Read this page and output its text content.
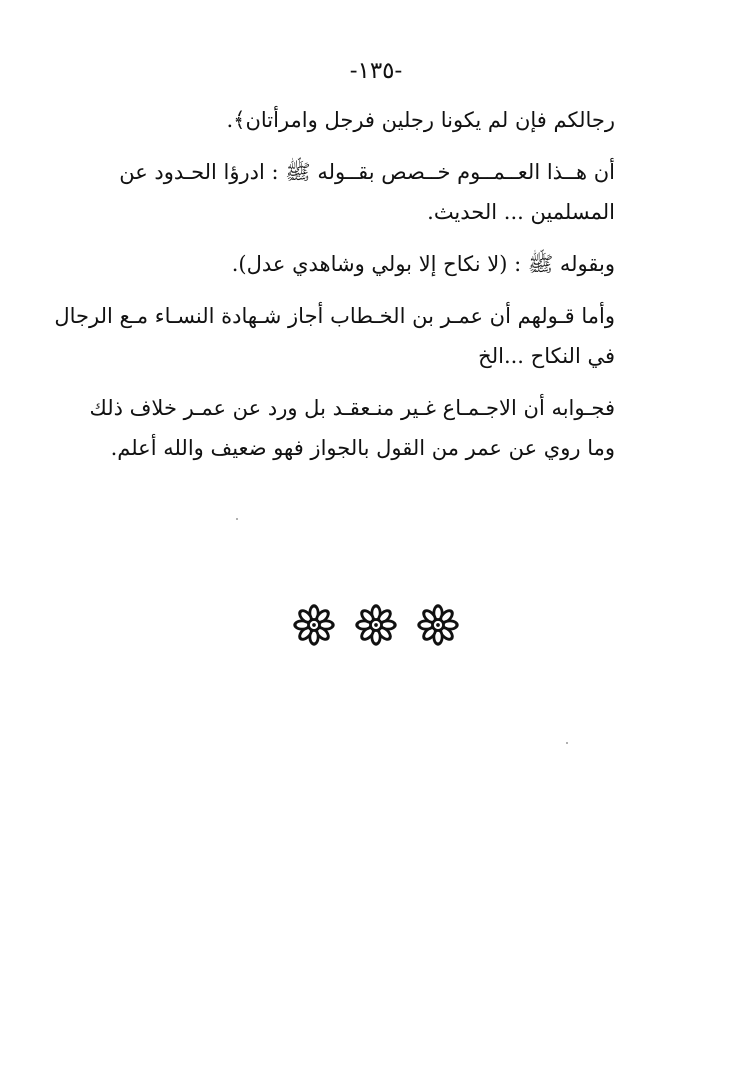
-١٣٥-

رجالكم فإن لم يكونا رجلين فرجل وامرأتان﴾.

أن هــذا العــمــوم خــصص بقــوله ﷺ : ادرؤا الحـدود عن
المسلمين ... الحديث.

وبقوله ﷺ : (لا نكاح إلا بولي وشاهدي عدل).

وأما قـولهم أن عمـر بن الخـطاب أجاز شـهادة النسـاء مـع الرجال
في النكاح ...الخ

فجـوابه أن الاجـمـاع غـير منـعقـد بل ورد عن عمـر خلاف ذلك
وما روي عن عمر من القول بالجواز فهو ضعيف والله أعلم.
